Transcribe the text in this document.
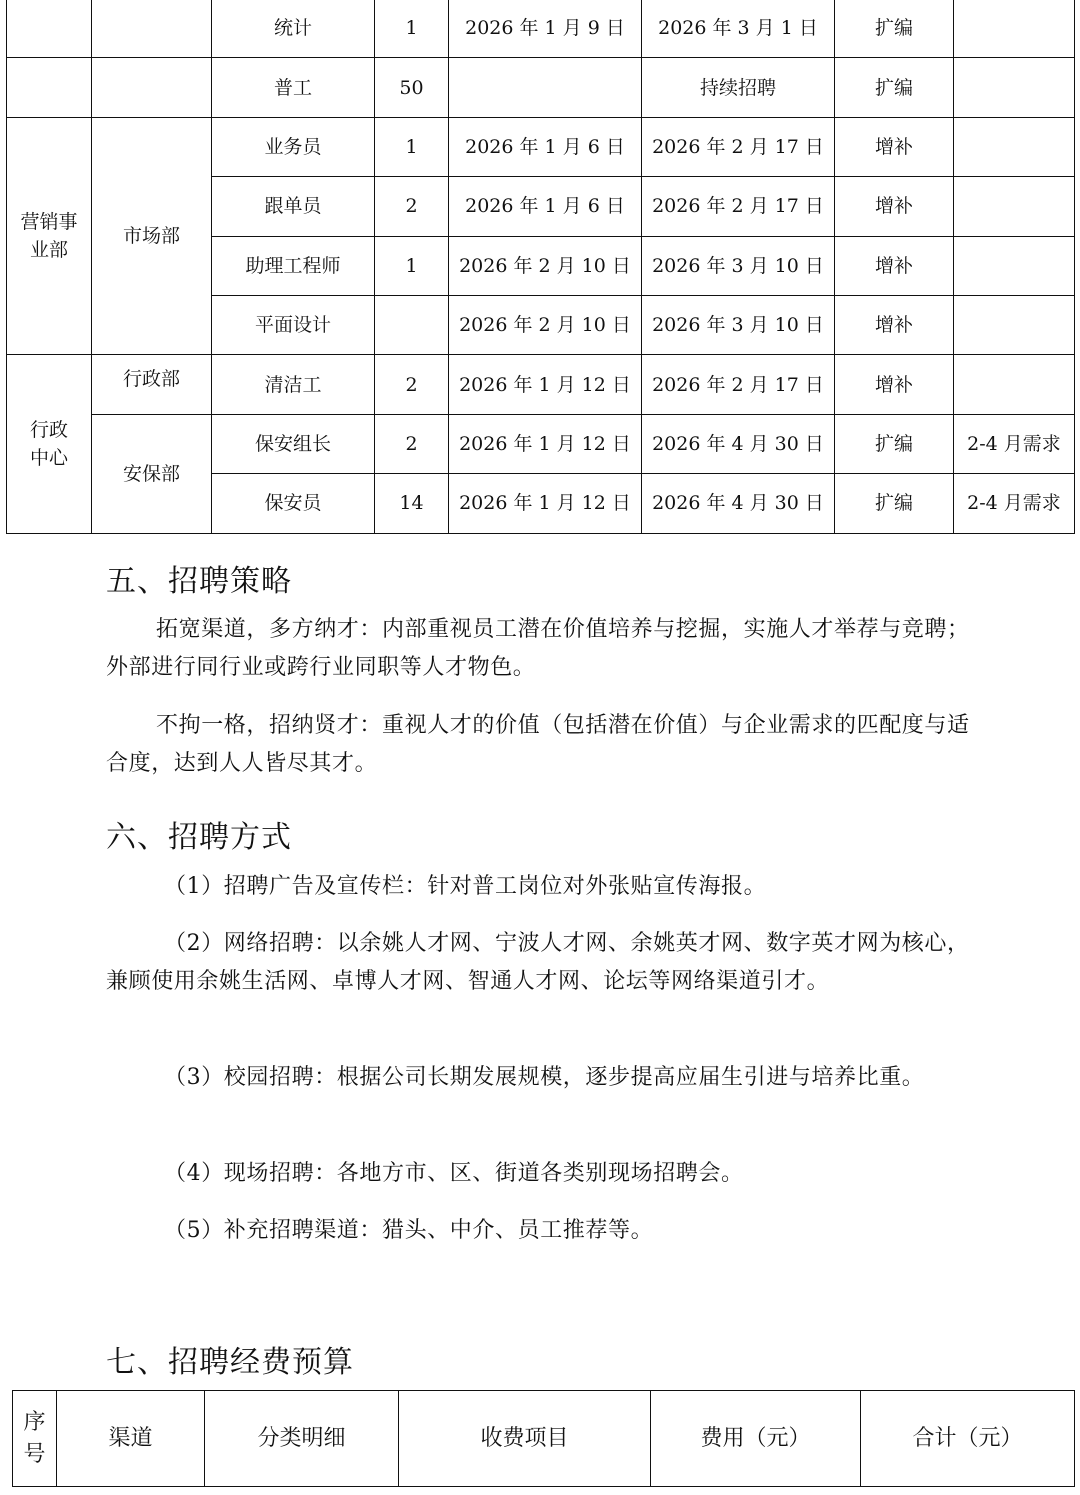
		统计	1	2026 年 1 月 9 日	2026 年 3 月 1 日	扩编	
		普工	50		持续招聘	扩编	
营销事业部	市场部	业务员	1	2026 年 1 月 6 日	2026 年 2 月 17 日	增补	
		跟单员	2	2026 年 1 月 6 日	2026 年 2 月 17 日	增补	
		助理工程师	1	2026 年 2 月 10 日	2026 年 3 月 10 日	增补	
		平面设计		2026 年 2 月 10 日	2026 年 3 月 10 日	增补	
行政中心	行政部	清洁工	2	2026 年 1 月 12 日	2026 年 2 月 17 日	增补	
	安保部	保安组长	2	2026 年 1 月 12 日	2026 年 4 月 30 日	扩编	2-4 月需求
		保安员	14	2026 年 1 月 12 日	2026 年 4 月 30 日	扩编	2-4 月需求
五、招聘策略

拓宽渠道，多方纳才：内部重视员工潜在价值培养与挖掘，实施人才举荐与竞聘；外部进行同行业或跨行业同职等人才物色。

不拘一格，招纳贤才：重视人才的价值（包括潜在价值）与企业需求的匹配度与适合度，达到人人皆尽其才。

六、招聘方式

（1）招聘广告及宣传栏：针对普工岗位对外张贴宣传海报。

（2）网络招聘：以余姚人才网、宁波人才网、余姚英才网、数字英才网为核心，兼顾使用余姚生活网、卓博人才网、智通人才网、论坛等网络渠道引才。

（3）校园招聘：根据公司长期发展规模，逐步提高应届生引进与培养比重。

（4）现场招聘：各地方市、区、街道各类别现场招聘会。

（5）补充招聘渠道：猎头、中介、员工推荐等。

七、招聘经费预算
序号	渠道	分类明细	收费项目	费用（元）	合计（元）
